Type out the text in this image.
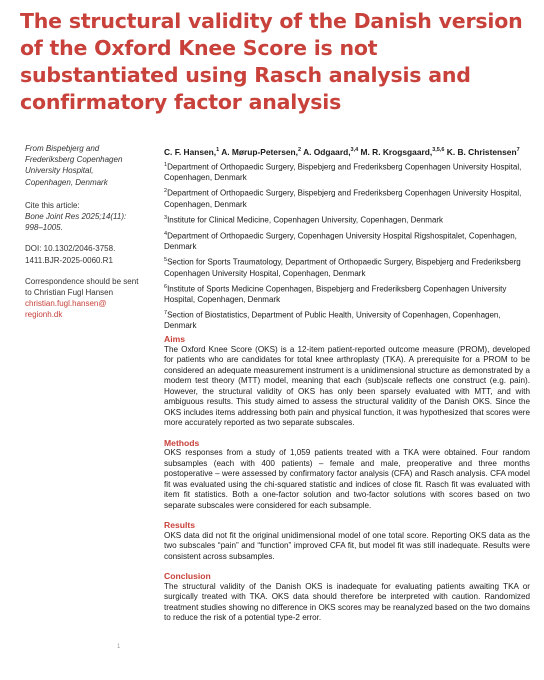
The structural validity of the Danish version of the Oxford Knee Score is not substantiated using Rasch analysis and confirmatory factor analysis
From Bispebjerg and Frederiksberg Copenhagen University Hospital, Copenhagen, Denmark
Cite this article:
Bone Joint Res 2025;14(11): 998–1005.
DOI: 10.1302/2046-3758. 1411.BJR-2025-0060.R1
Correspondence should be sent to Christian Fugl Hansen
christian.fugl.hansen@ regionh.dk
C. F. Hansen,$^1$ A. Mørup-Petersen,$^2$ A. Odgaard,$^{3,4}$ M. R. Krogsgaard,$^{3,5,6}$ K. B. Christensen$^7$
$^1$Department of Orthopaedic Surgery, Bispebjerg and Frederiksberg Copenhagen University Hospital, Copenhagen, Denmark
$^2$Department of Orthopaedic Surgery, Bispebjerg and Frederiksberg Copenhagen University Hospital, Copenhagen, Denmark
$^3$Institute for Clinical Medicine, Copenhagen University, Copenhagen, Denmark
$^4$Department of Orthopaedic Surgery, Copenhagen University Hospital Rigshospitalet, Copenhagen, Denmark
$^5$Section for Sports Traumatology, Department of Orthopaedic Surgery, Bispebjerg and Frederiksberg Copenhagen University Hospital, Copenhagen, Denmark
$^6$Institute of Sports Medicine Copenhagen, Bispebjerg and Frederiksberg Copenhagen University Hospital, Copenhagen, Denmark
$^7$Section of Biostatistics, Department of Public Health, University of Copenhagen, Copenhagen, Denmark
Aims

The Oxford Knee Score (OKS) is a 12-item patient-reported outcome measure (PROM), developed for patients who are candidates for total knee arthroplasty (TKA). A prerequisite for a PROM to be considered an adequate measurement instrument is a unidimensional structure as demonstrated by a modern test theory (MTT) model, meaning that each (sub)scale reflects one construct (e.g. pain). However, the structural validity of OKS has only been sparsely evaluated with MTT, and with ambiguous results. This study aimed to assess the structural validity of the Danish OKS. Since the OKS includes items addressing both pain and physical function, it was hypothesized that scores were more accurately reported as two separate subscales.

Methods

OKS responses from a study of 1,059 patients treated with a TKA were obtained. Four random subsamples (each with 400 patients) – female and male, preoperative and three months postoperative – were assessed by confirmatory factor analysis (CFA) and Rasch analysis. CFA model fit was evaluated using the chi-squared statistic and indices of close fit. Rasch fit was evaluated with item fit statistics. Both a one-factor solution and two-factor solutions with scores based on two separate subscales were considered for each subsample.

Results

OKS data did not fit the original unidimensional model of one total score. Reporting OKS data as the two subscales “pain” and “function” improved CFA fit, but model fit was still inadequate. Results were consistent across subsamples.

Conclusion

The structural validity of the Danish OKS is inadequate for evaluating patients awaiting TKA or surgically treated with TKA. OKS data should therefore be interpreted with caution. Randomized treatment studies showing no difference in OKS scores may be reanalyzed based on the two domains to reduce the risk of a potential type-2 error.

1
